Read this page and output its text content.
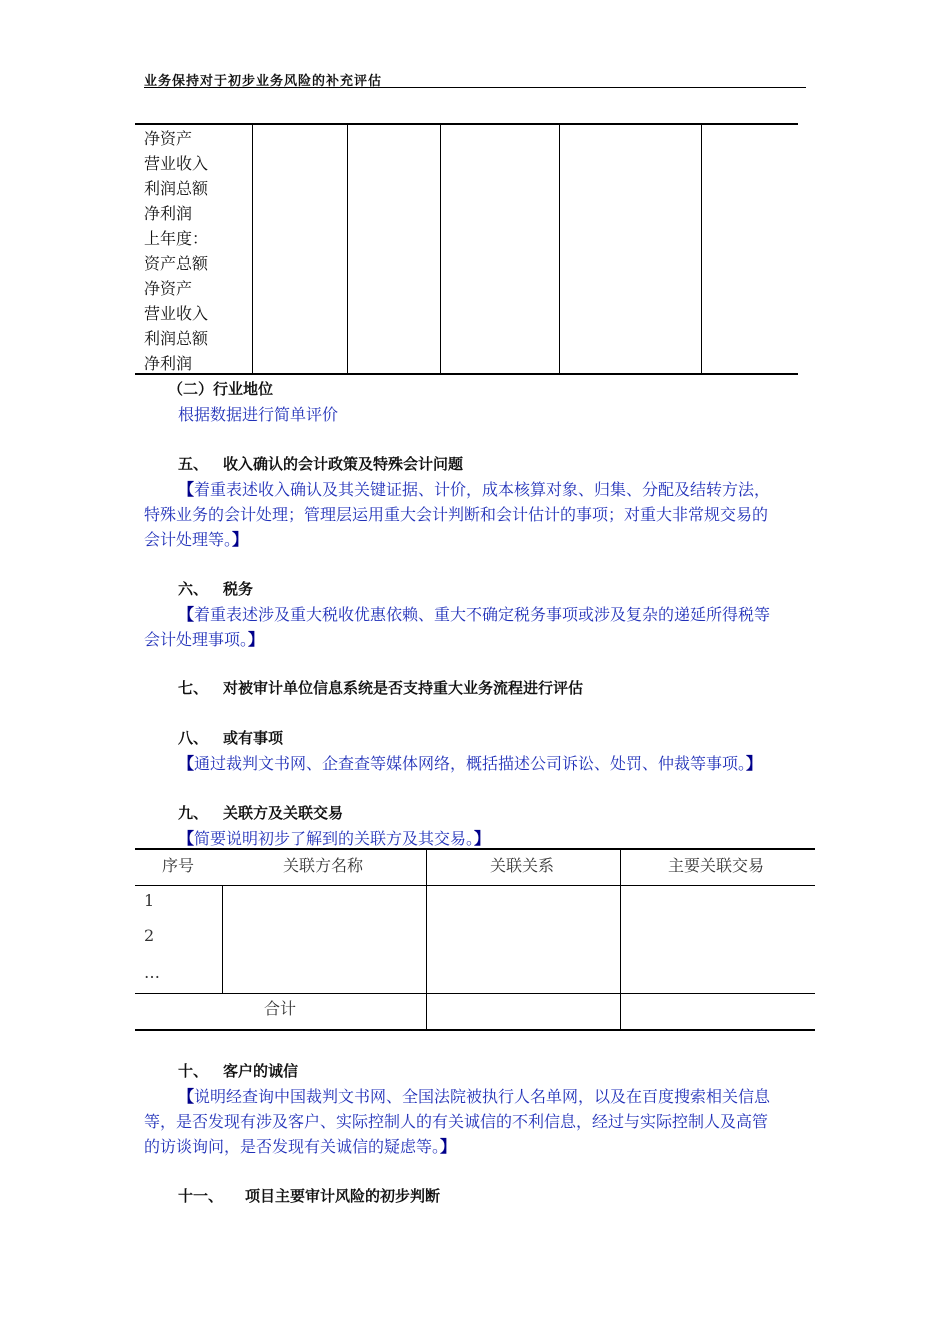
业务保持对于初步业务风险的补充评估
净资产
营业收入
利润总额
净利润
上年度：
资产总额
净资产
营业收入
利润总额
净利润
（二）行业地位
根据数据进行简单评价
五、 收入确认的会计政策及特殊会计问题
【着重表述收入确认及其关键证据、计价，成本核算对象、归集、分配及结转方法，
特殊业务的会计处理；管理层运用重大会计判断和会计估计的事项；对重大非常规交易的
会计处理等。】
六、 税务
【着重表述涉及重大税收优惠依赖、重大不确定税务事项或涉及复杂的递延所得税等
会计处理事项。】
七、 对被审计单位信息系统是否支持重大业务流程进行评估
八、 或有事项
【通过裁判文书网、企查查等媒体网络，概括描述公司诉讼、处罚、仲裁等事项。】
九、 关联方及关联交易
【简要说明初步了解到的关联方及其交易。】
序号	关联方名称	关联关系	主要关联交易
1
2
…
合计
十、 客户的诚信
【说明经查询中国裁判文书网、全国法院被执行人名单网，以及在百度搜索相关信息
等，是否发现有涉及客户、实际控制人的有关诚信的不利信息，经过与实际控制人及高管
的访谈询问，是否发现有关诚信的疑虑等。】
十一、 项目主要审计风险的初步判断
